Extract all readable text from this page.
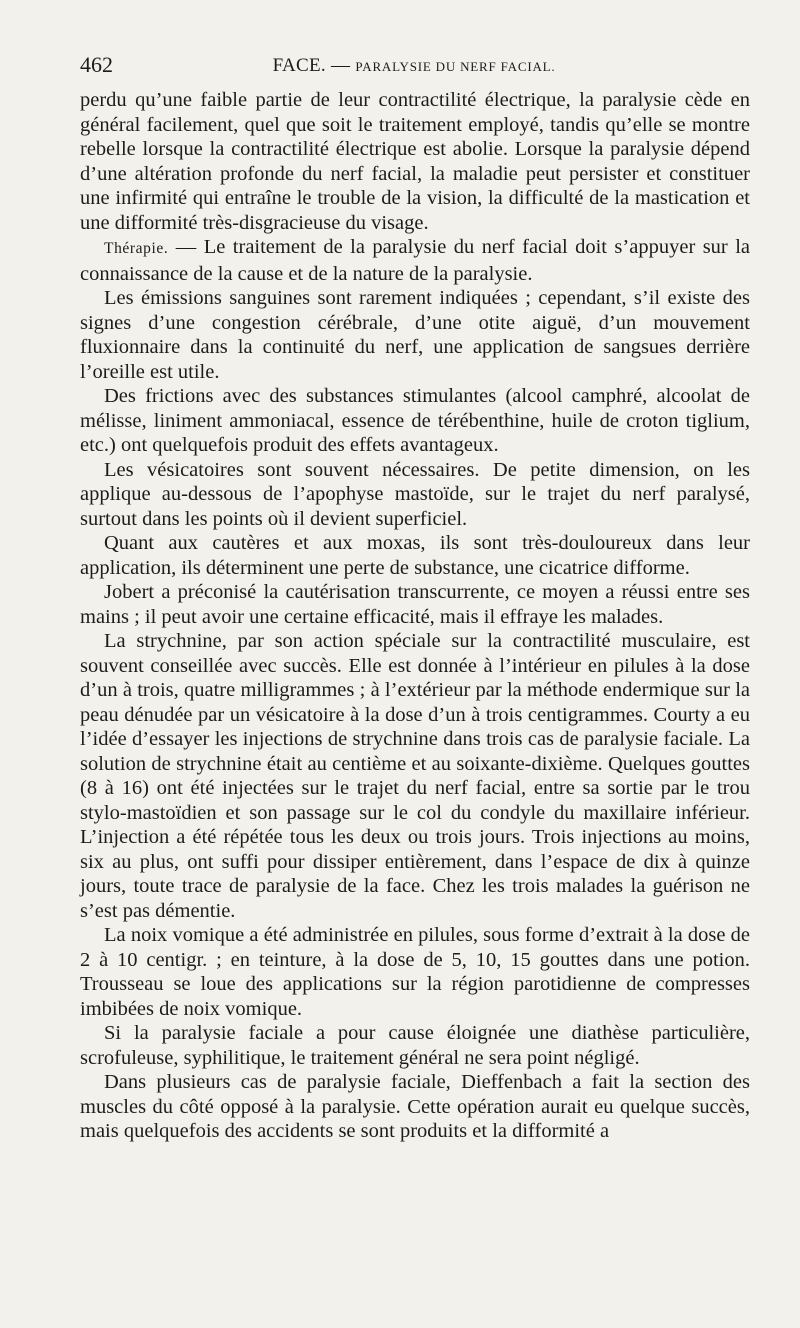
462	FACE. — PARALYSIE DU NERF FACIAL.

perdu qu’une faible partie de leur contractilité électrique, la paralysie cède en général facilement, quel que soit le traitement employé, tandis qu’elle se montre rebelle lorsque la contractilité électrique est abolie. Lorsque la paralysie dépend d’une altération profonde du nerf facial, la maladie peut persister et constituer une infirmité qui entraîne le trouble de la vision, la difficulté de la mastication et une difformité très-disgracieuse du visage.

Thérapie. — Le traitement de la paralysie du nerf facial doit s’appuyer sur la connaissance de la cause et de la nature de la paralysie.

Les émissions sanguines sont rarement indiquées ; cependant, s’il existe des signes d’une congestion cérébrale, d’une otite aiguë, d’un mouvement fluxionnaire dans la continuité du nerf, une application de sangsues derrière l’oreille est utile.

Des frictions avec des substances stimulantes (alcool camphré, alcoolat de mélisse, liniment ammoniacal, essence de térébenthine, huile de croton tiglium, etc.) ont quelquefois produit des effets avantageux.

Les vésicatoires sont souvent nécessaires. De petite dimension, on les applique au-dessous de l’apophyse mastoïde, sur le trajet du nerf paralysé, surtout dans les points où il devient superficiel.

Quant aux cautères et aux moxas, ils sont très-douloureux dans leur application, ils déterminent une perte de substance, une cicatrice difforme.

Jobert a préconisé la cautérisation transcurrente, ce moyen a réussi entre ses mains ; il peut avoir une certaine efficacité, mais il effraye les malades.

La strychnine, par son action spéciale sur la contractilité musculaire, est souvent conseillée avec succès. Elle est donnée à l’intérieur en pilules à la dose d’un à trois, quatre milligrammes ; à l’extérieur par la méthode endermique sur la peau dénudée par un vésicatoire à la dose d’un à trois centigrammes. Courty a eu l’idée d’essayer les injections de strychnine dans trois cas de paralysie faciale. La solution de strychnine était au centième et au soixante-dixième. Quelques gouttes (8 à 16) ont été injectées sur le trajet du nerf facial, entre sa sortie par le trou stylo-mastoïdien et son passage sur le col du condyle du maxillaire inférieur. L’injection a été répétée tous les deux ou trois jours. Trois injections au moins, six au plus, ont suffi pour dissiper entièrement, dans l’espace de dix à quinze jours, toute trace de paralysie de la face. Chez les trois malades la guérison ne s’est pas démentie.

La noix vomique a été administrée en pilules, sous forme d’extrait à la dose de 2 à 10 centigr. ; en teinture, à la dose de 5, 10, 15 gouttes dans une potion. Trousseau se loue des applications sur la région parotidienne de compresses imbibées de noix vomique.

Si la paralysie faciale a pour cause éloignée une diathèse particulière, scrofuleuse, syphilitique, le traitement général ne sera point négligé.

Dans plusieurs cas de paralysie faciale, Dieffenbach a fait la section des muscles du côté opposé à la paralysie. Cette opération aurait eu quelque succès, mais quelquefois des accidents se sont produits et la difformité a
